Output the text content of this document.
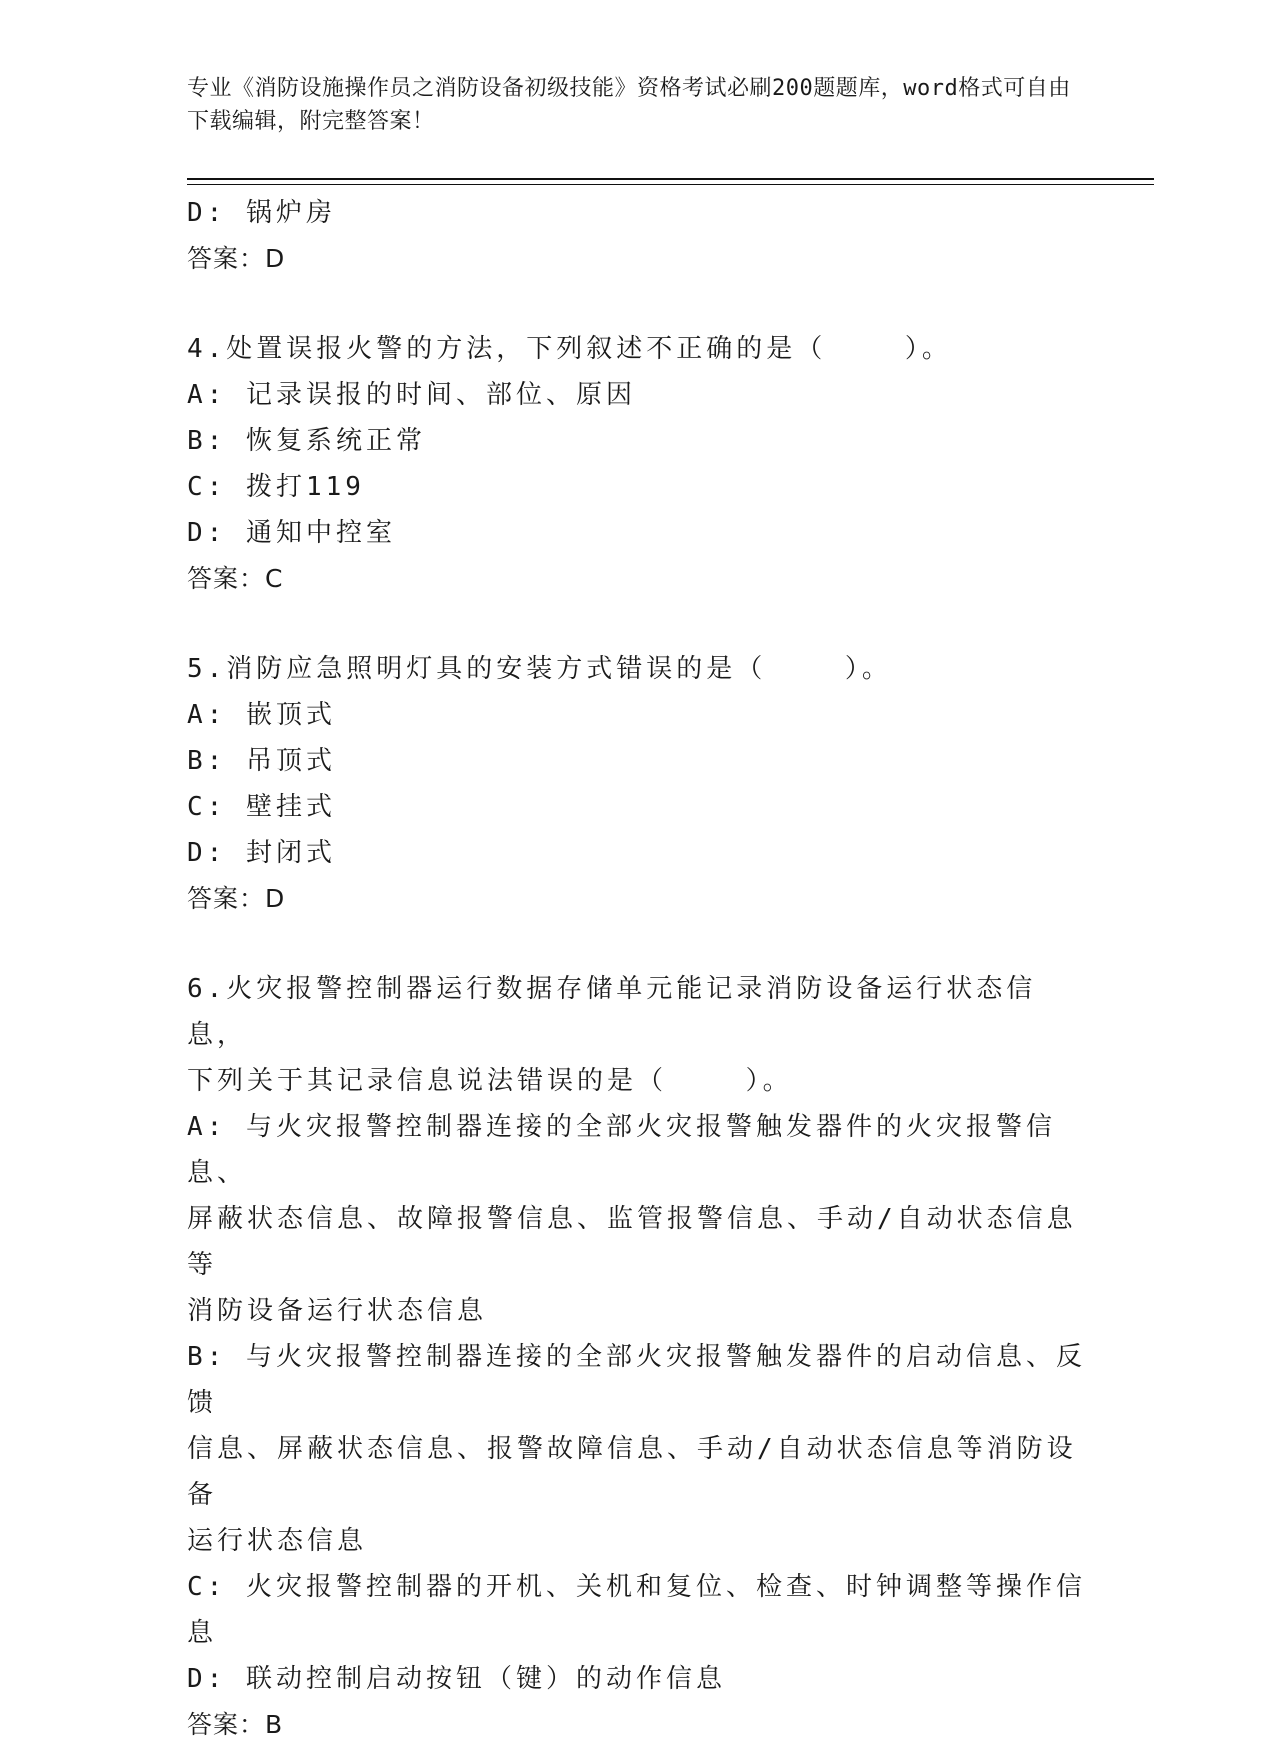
专业《消防设施操作员之消防设备初级技能》资格考试必刷200题题库，word格式可自由下载编辑，附完整答案！
D: 锅炉房
答案：D
4.处置误报火警的方法，下列叙述不正确的是（    ）。
A: 记录误报的时间、部位、原因
B: 恢复系统正常
C: 拨打119
D: 通知中控室
答案：C
5.消防应急照明灯具的安装方式错误的是（    ）。
A: 嵌顶式
B: 吊顶式
C: 壁挂式
D: 封闭式
答案：D
6.火灾报警控制器运行数据存储单元能记录消防设备运行状态信息，
下列关于其记录信息说法错误的是（    ）。
A: 与火灾报警控制器连接的全部火灾报警触发器件的火灾报警信息、
屏蔽状态信息、故障报警信息、监管报警信息、手动/自动状态信息等
消防设备运行状态信息
B: 与火灾报警控制器连接的全部火灾报警触发器件的启动信息、反馈
信息、屏蔽状态信息、报警故障信息、手动/自动状态信息等消防设备
运行状态信息
C: 火灾报警控制器的开机、关机和复位、检查、时钟调整等操作信息
D: 联动控制启动按钮（键）的动作信息
答案：B
